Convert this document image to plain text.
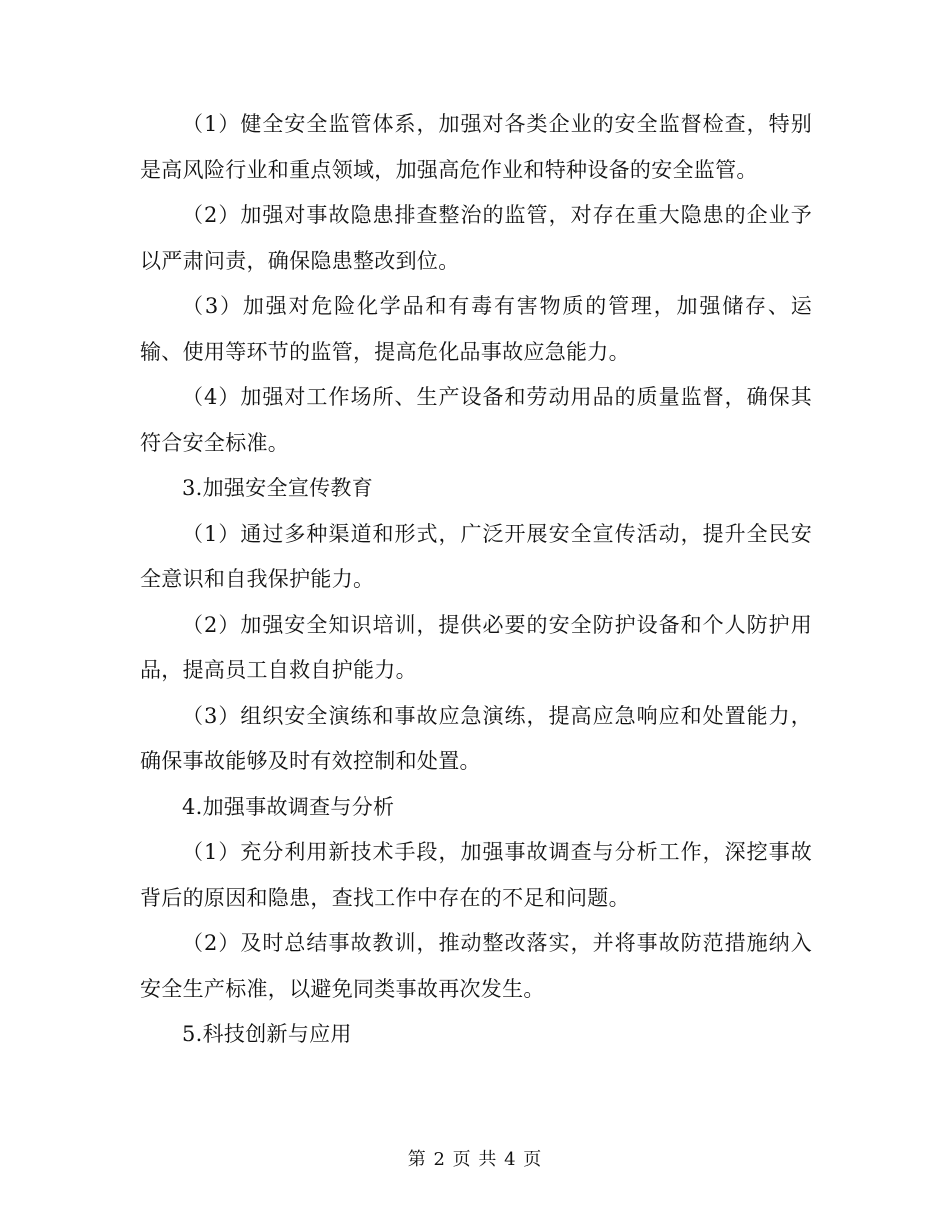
（1）健全安全监管体系，加强对各类企业的安全监督检查，特别是高风险行业和重点领域，加强高危作业和特种设备的安全监管。

（2）加强对事故隐患排查整治的监管，对存在重大隐患的企业予以严肃问责，确保隐患整改到位。

（3）加强对危险化学品和有毒有害物质的管理，加强储存、运输、使用等环节的监管，提高危化品事故应急能力。

（4）加强对工作场所、生产设备和劳动用品的质量监督，确保其符合安全标准。

3.加强安全宣传教育

（1）通过多种渠道和形式，广泛开展安全宣传活动，提升全民安全意识和自我保护能力。

（2）加强安全知识培训，提供必要的安全防护设备和个人防护用品，提高员工自救自护能力。

（3）组织安全演练和事故应急演练，提高应急响应和处置能力，确保事故能够及时有效控制和处置。

4.加强事故调查与分析

（1）充分利用新技术手段，加强事故调查与分析工作，深挖事故背后的原因和隐患，查找工作中存在的不足和问题。

（2）及时总结事故教训，推动整改落实，并将事故防范措施纳入安全生产标准，以避免同类事故再次发生。

5.科技创新与应用

第 2 页 共 4 页
